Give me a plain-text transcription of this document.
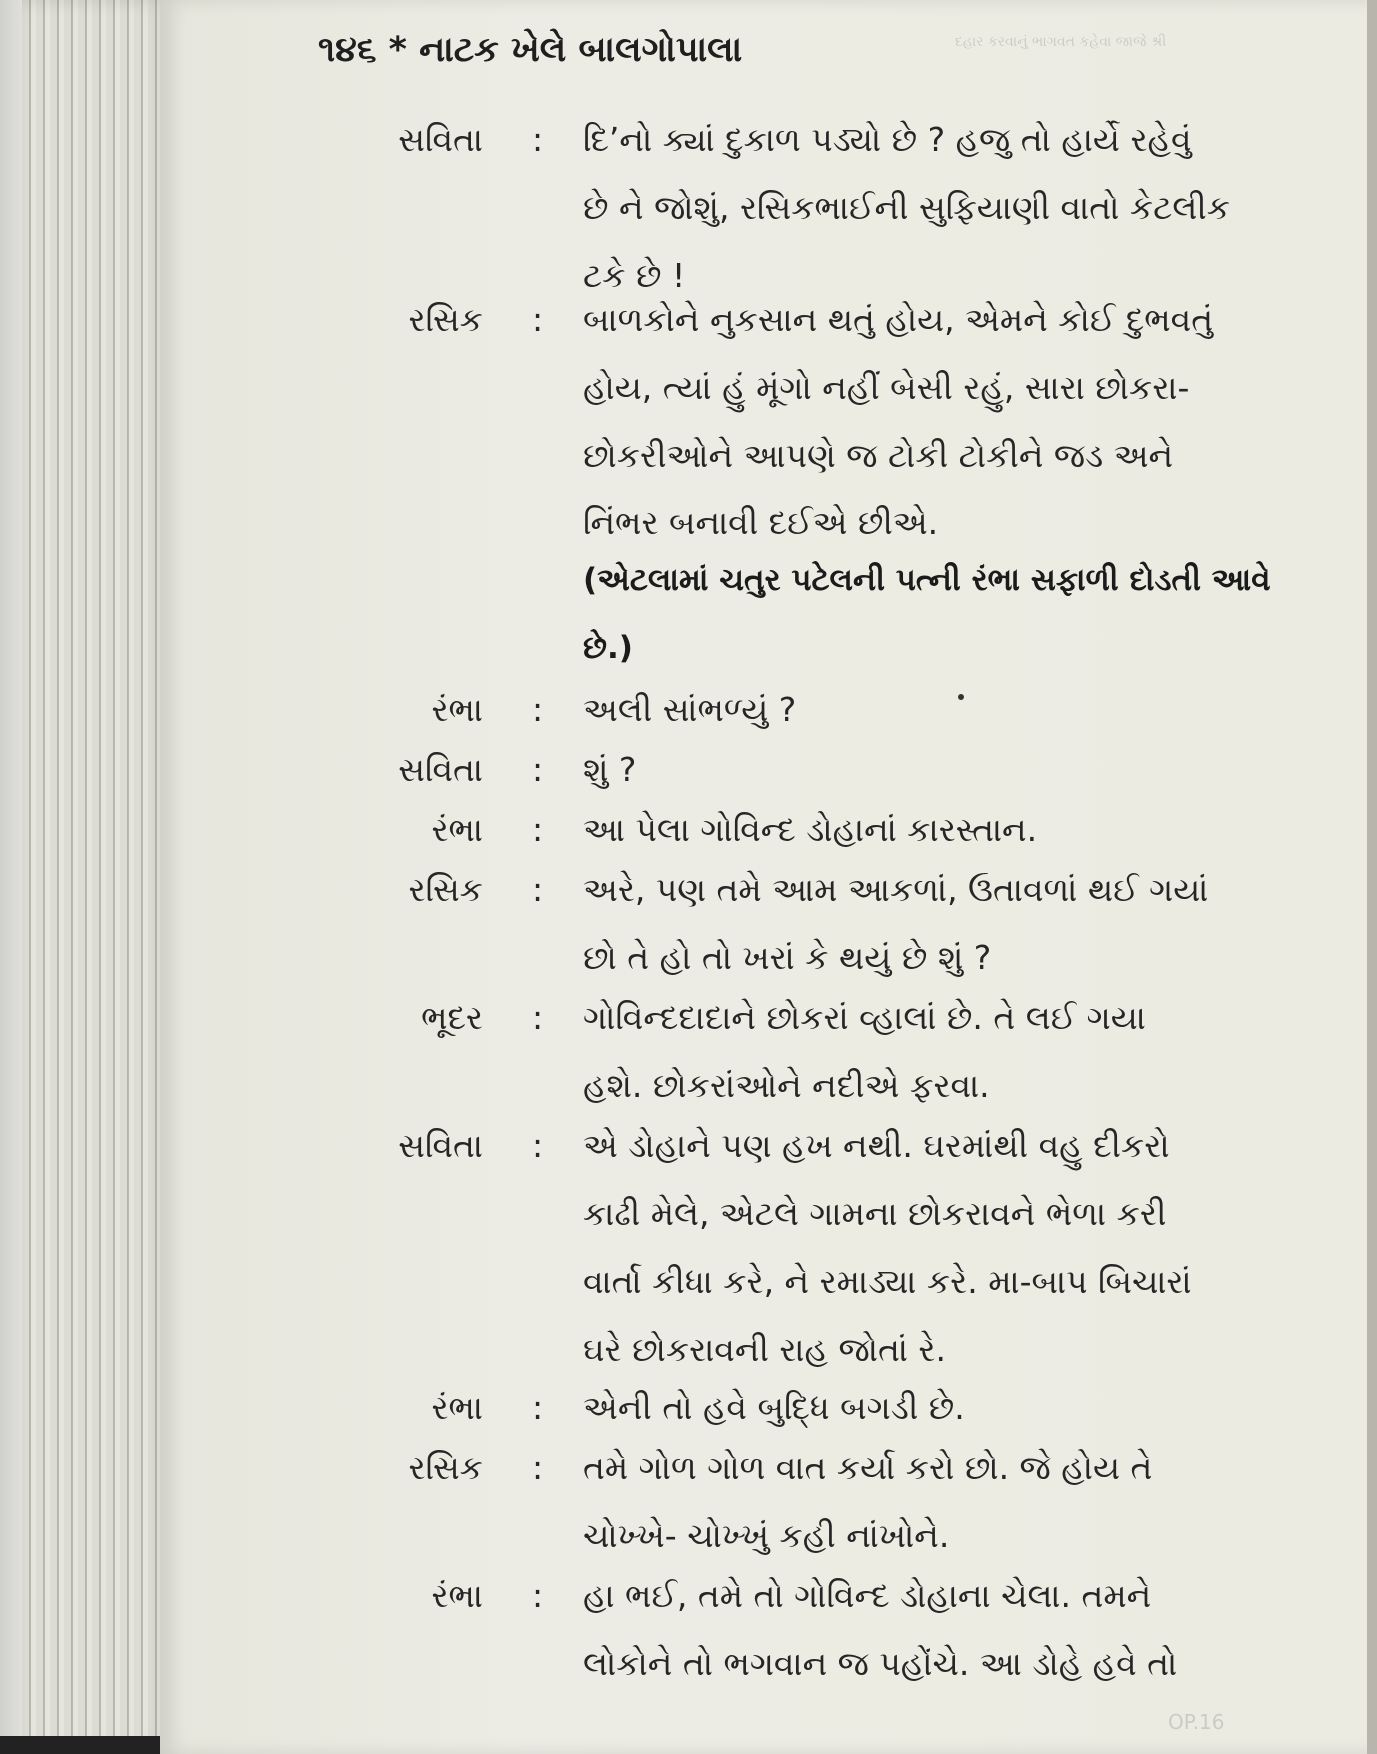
દહાર કરવાનું ભાગવત કહેવા જાજે શ્રી
OP.16
૧૪૬ * નાટક ખેલે બાલગોપાલા
સવિતા : દિ’નો ક્યાં દુકાળ પડ્યો છે ? હજુ તો હાર્યે રહેવું
છે ને જોશું, રસિકભાઈની સુફિયાણી વાતો કેટલીક
ટકે છે !
રસિક : બાળકોને નુકસાન થતું હોય, એમને કોઈ દુભવતું
હોય, ત્યાં હું મૂંગો નહીં બેસી રહું, સારા છોકરા-
છોકરીઓને આપણે જ ટોકી ટોકીને જડ અને
નિંભર બનાવી દઈએ છીએ.
(એટલામાં ચતુર પટેલની પત્ની રંભા સફાળી દોડતી આવે
છે.)
રંભા : અલી સાંભળ્યું ?
સવિતા : શું ?
રંભા : આ પેલા ગોવિન્દ ડોહાનાં કારસ્તાન.
રસિક : અરે, પણ તમે આમ આકળાં, ઉતાવળાં થઈ ગયાં
છો તે હો તો ખરાં કે થયું છે શું ?
ભૂદર : ગોવિન્દદાદાને છોકરાં વ્હાલાં છે. તે લઈ ગયા
હશે. છોકરાંઓને નદીએ ફરવા.
સવિતા : એ ડોહાને પણ હખ નથી. ઘરમાંથી વહુ દીકરો
કાઢી મેલે, એટલે ગામના છોકરાવને ભેળા કરી
વાર્તા કીધા કરે, ને રમાડ્યા કરે. મા-બાપ બિચારાં
ઘરે છોકરાવની રાહ જોતાં રે.
રંભા : એની તો હવે બુદ્ધિ બગડી છે.
રસિક : તમે ગોળ ગોળ વાત કર્યા કરો છો. જે હોય તે
ચોખ્ખે- ચોખ્ખું કહી નાંખોને.
રંભા : હા ભઈ, તમે તો ગોવિન્દ ડોહાના ચેલા. તમને
લોકોને તો ભગવાન જ પહોંચે. આ ડોહે હવે તો
